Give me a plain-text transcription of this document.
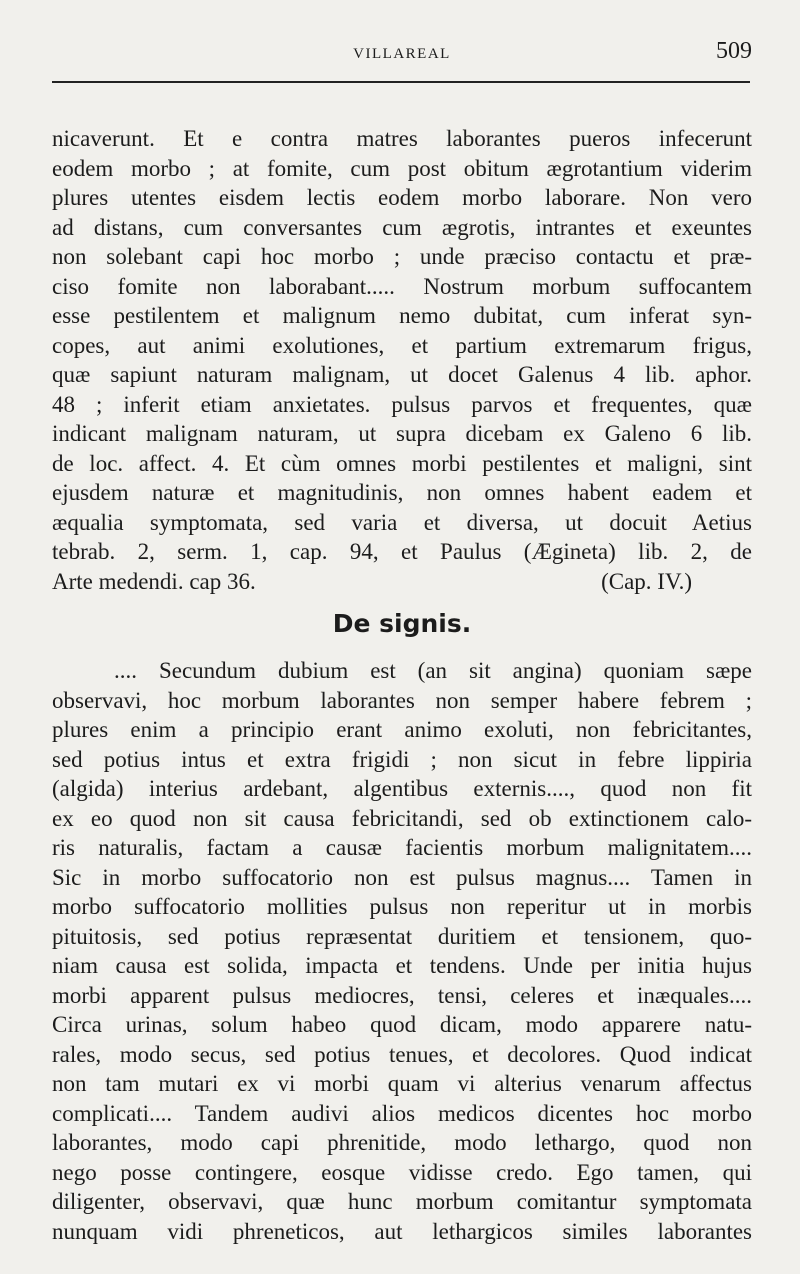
VILLAREAL	509
nicaverunt. Et e contra matres laborantes pueros infecerunt
eodem morbo ; at fomite, cum post obitum ægrotantium viderim
plures utentes eisdem lectis eodem morbo laborare. Non vero
ad distans, cum conversantes cum ægrotis, intrantes et exeuntes
non solebant capi hoc morbo ; unde præciso contactu et præ-
ciso fomite non laborabant..... Nostrum morbum suffocantem
esse pestilentem et malignum nemo dubitat, cum inferat syn-
copes, aut animi exolutiones, et partium extremarum frigus,
quæ sapiunt naturam malignam, ut docet Galenus 4 lib. aphor.
48 ; inferit etiam anxietates. pulsus parvos et frequentes, quæ
indicant malignam naturam, ut supra dicebam ex Galeno 6 lib.
de loc. affect. 4. Et cùm omnes morbi pestilentes et maligni, sint
ejusdem naturæ et magnitudinis, non omnes habent eadem et
æqualia symptomata, sed varia et diversa, ut docuit Aetius
tebrab. 2, serm. 1, cap. 94, et Paulus (Ægineta) lib. 2, de
Arte medendi. cap 36.	(Cap. IV.)
De signis.
.... Secundum dubium est (an sit angina) quoniam sæpe
observavi, hoc morbum laborantes non semper habere febrem ;
plures enim a principio erant animo exoluti, non febricitantes,
sed potius intus et extra frigidi ; non sicut in febre lippiria
(algida) interius ardebant, algentibus externis...., quod non fit
ex eo quod non sit causa febricitandi, sed ob extinctionem calo-
ris naturalis, factam a causæ facientis morbum malignitatem....
Sic in morbo suffocatorio non est pulsus magnus.... Tamen in
morbo suffocatorio mollities pulsus non reperitur ut in morbis
pituitosis, sed potius repræsentat duritiem et tensionem, quo-
niam causa est solida, impacta et tendens. Unde per initia hujus
morbi apparent pulsus mediocres, tensi, celeres et inæquales....
Circa urinas, solum habeo quod dicam, modo apparere natu-
rales, modo secus, sed potius tenues, et decolores. Quod indicat
non tam mutari ex vi morbi quam vi alterius venarum affectus
complicati.... Tandem audivi alios medicos dicentes hoc morbo
laborantes, modo capi phrenitide, modo lethargo, quod non
nego posse contingere, eosque vidisse credo. Ego tamen, qui
diligenter, observavi, quæ hunc morbum comitantur symptomata
nunquam vidi phreneticos, aut lethargicos similes laborantes
